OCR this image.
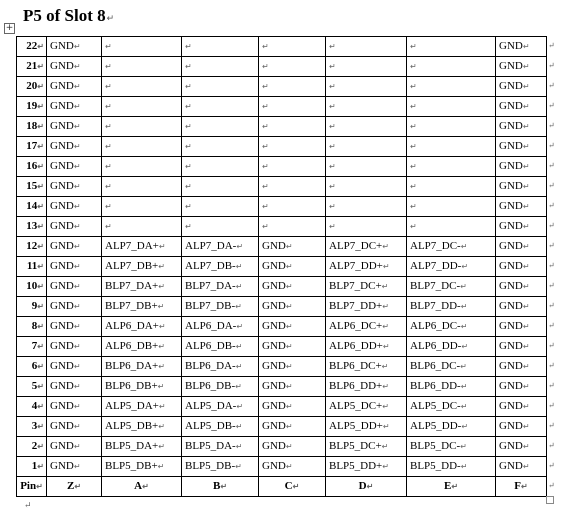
P5 of Slot 8↵
+
22↵	GND↵	↵	↵	↵	↵	↵	GND↵
21↵	GND↵	↵	↵	↵	↵	↵	GND↵
20↵	GND↵	↵	↵	↵	↵	↵	GND↵
19↵	GND↵	↵	↵	↵	↵	↵	GND↵
18↵	GND↵	↵	↵	↵	↵	↵	GND↵
17↵	GND↵	↵	↵	↵	↵	↵	GND↵
16↵	GND↵	↵	↵	↵	↵	↵	GND↵
15↵	GND↵	↵	↵	↵	↵	↵	GND↵
14↵	GND↵	↵	↵	↵	↵	↵	GND↵
13↵	GND↵	↵	↵	↵	↵	↵	GND↵
12↵	GND↵	ALP7_DA+↵	ALP7_DA-↵	GND↵	ALP7_DC+↵	ALP7_DC-↵	GND↵
11↵	GND↵	ALP7_DB+↵	ALP7_DB-↵	GND↵	ALP7_DD+↵	ALP7_DD-↵	GND↵
10↵	GND↵	BLP7_DA+↵	BLP7_DA-↵	GND↵	BLP7_DC+↵	BLP7_DC-↵	GND↵
9↵	GND↵	BLP7_DB+↵	BLP7_DB-↵	GND↵	BLP7_DD+↵	BLP7_DD-↵	GND↵
8↵	GND↵	ALP6_DA+↵	ALP6_DA-↵	GND↵	ALP6_DC+↵	ALP6_DC-↵	GND↵
7↵	GND↵	ALP6_DB+↵	ALP6_DB-↵	GND↵	ALP6_DD+↵	ALP6_DD-↵	GND↵
6↵	GND↵	BLP6_DA+↵	BLP6_DA-↵	GND↵	BLP6_DC+↵	BLP6_DC-↵	GND↵
5↵	GND↵	BLP6_DB+↵	BLP6_DB-↵	GND↵	BLP6_DD+↵	BLP6_DD-↵	GND↵
4↵	GND↵	ALP5_DA+↵	ALP5_DA-↵	GND↵	ALP5_DC+↵	ALP5_DC-↵	GND↵
3↵	GND↵	ALP5_DB+↵	ALP5_DB-↵	GND↵	ALP5_DD+↵	ALP5_DD-↵	GND↵
2↵	GND↵	BLP5_DA+↵	BLP5_DA-↵	GND↵	BLP5_DC+↵	BLP5_DC-↵	GND↵
1↵	GND↵	BLP5_DB+↵	BLP5_DB-↵	GND↵	BLP5_DD+↵	BLP5_DD-↵	GND↵
Pin↵	Z↵	A↵	B↵	C↵	D↵	E↵	F↵
↵
↵
↵
↵
↵
↵
↵
↵
↵
↵
↵
↵
↵
↵
↵
↵
↵
↵
↵
↵
↵
↵
↵
↵
